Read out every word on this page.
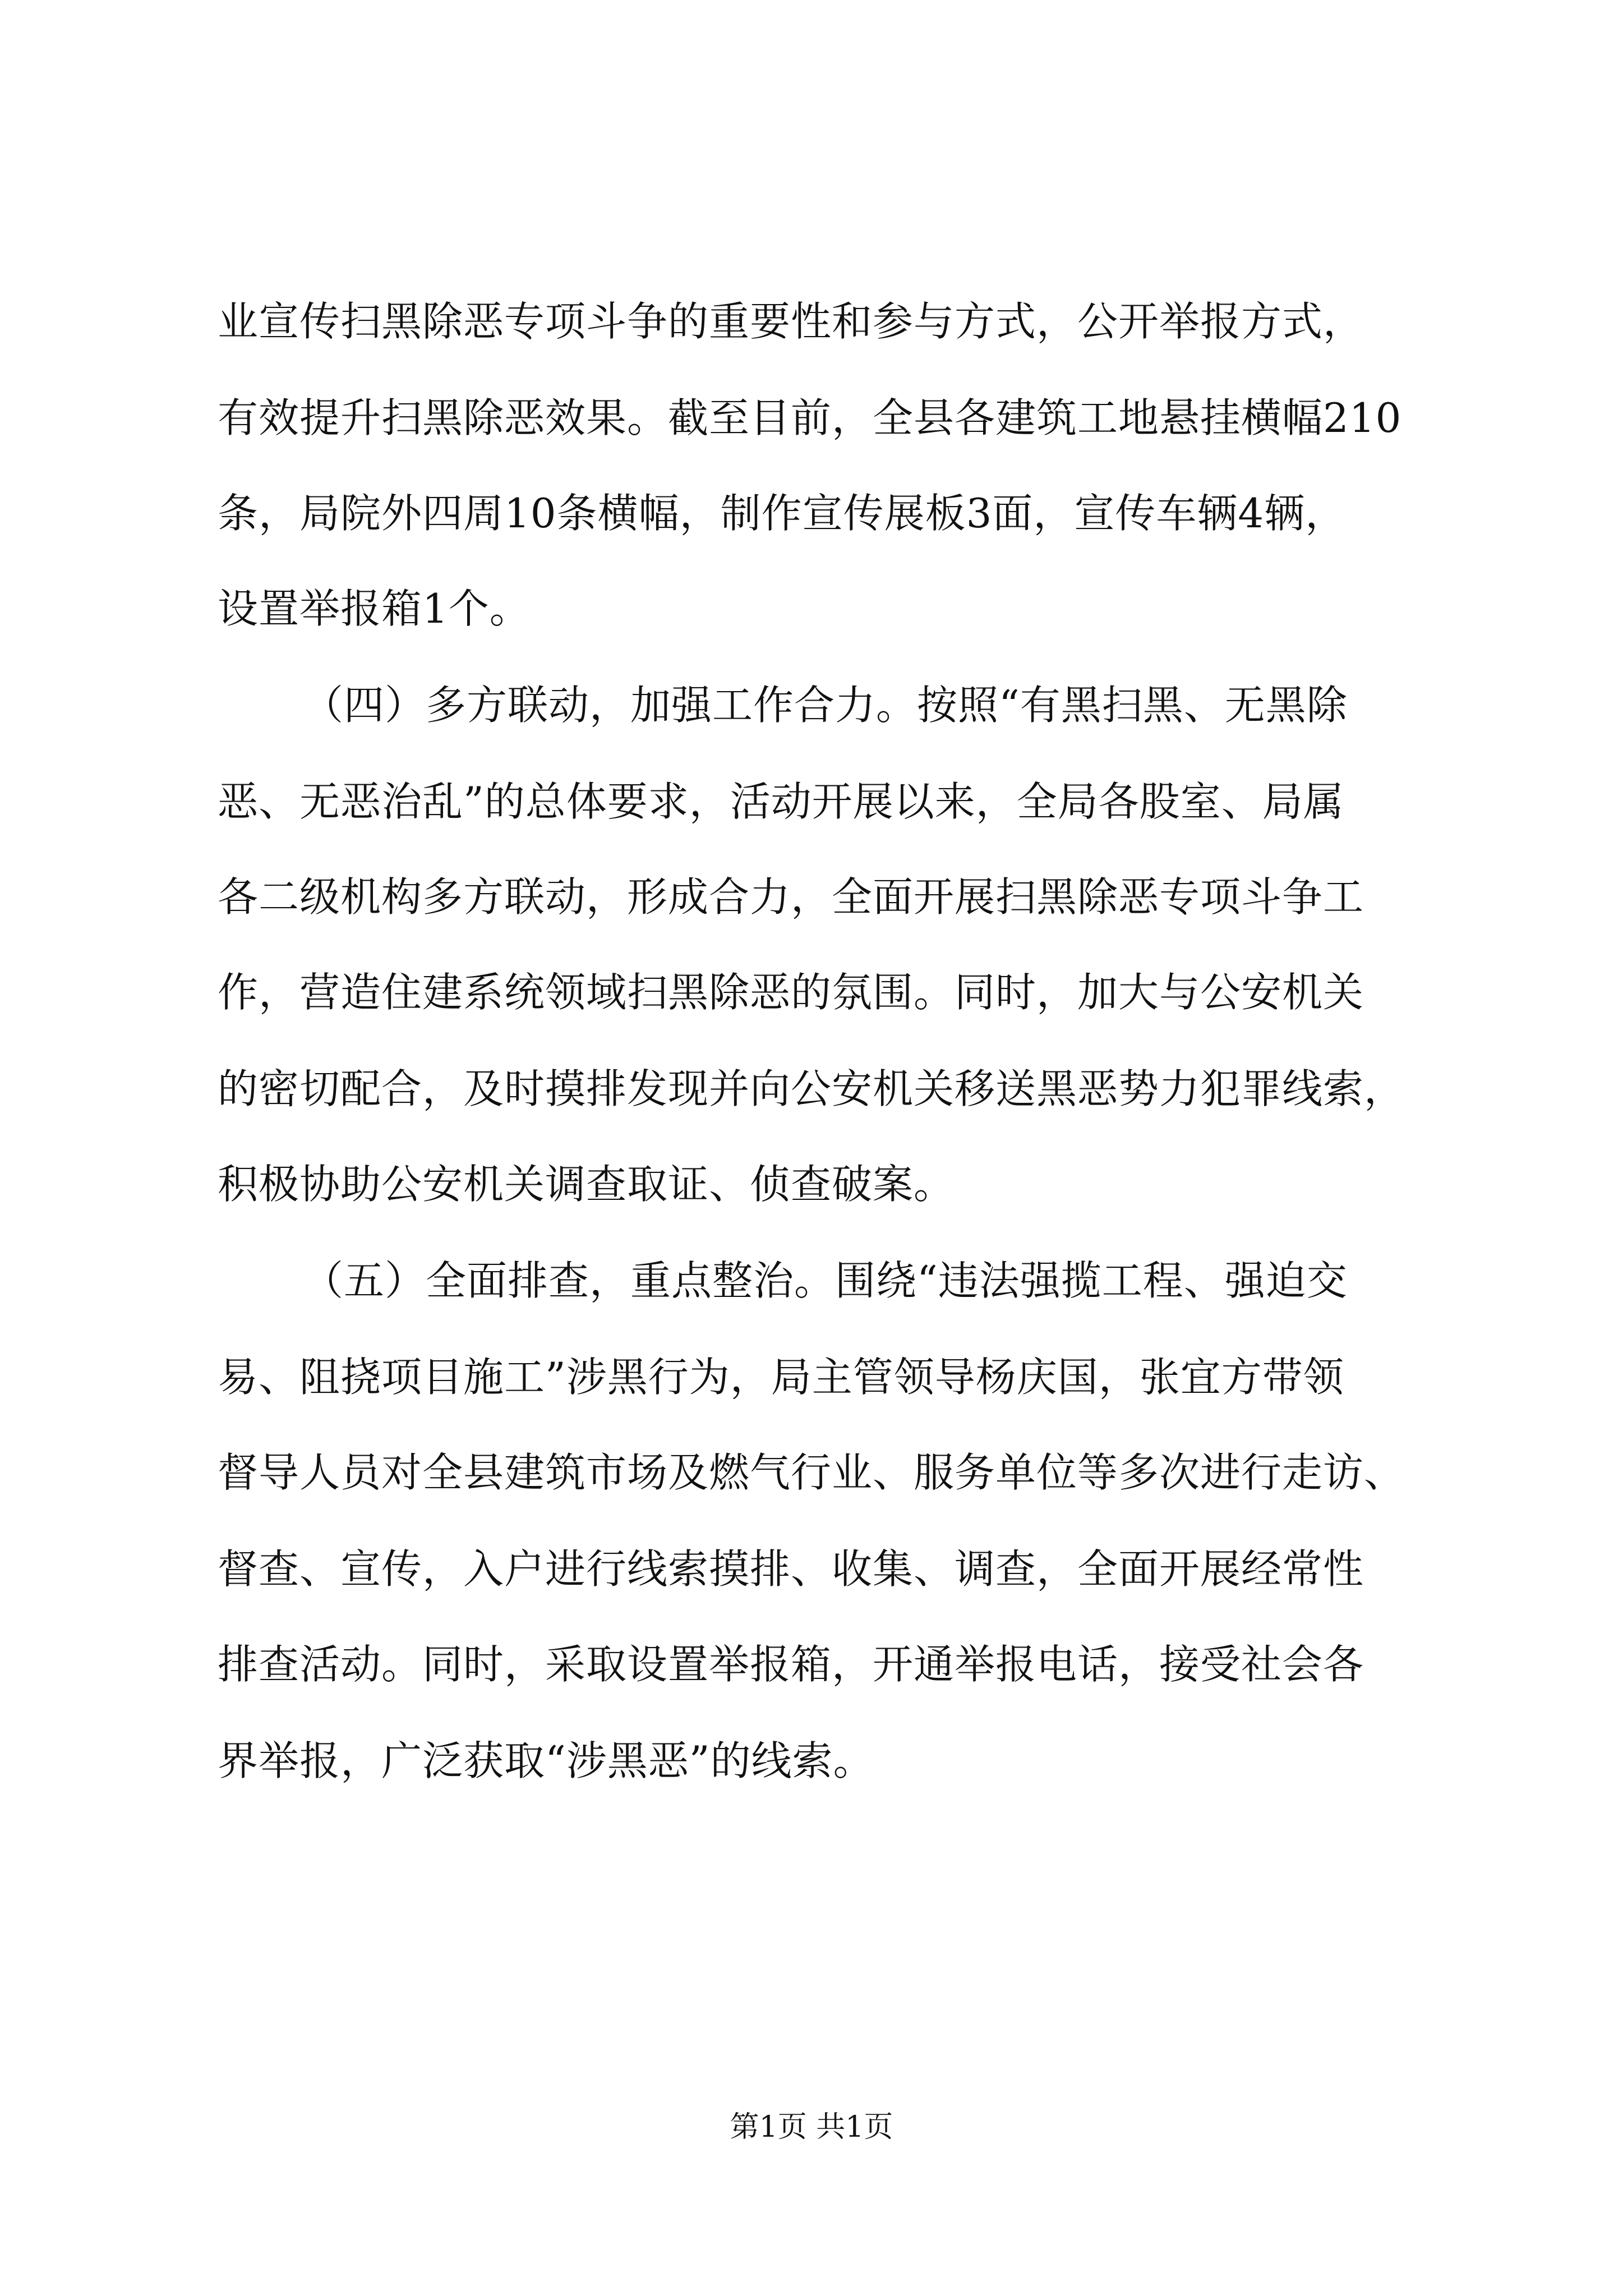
业宣传扫黑除恶专项斗争的重要性和参与方式，公开举报方式，
有效提升扫黑除恶效果。截至目前，全县各建筑工地悬挂横幅210
条，局院外四周10条横幅，制作宣传展板3面，宣传车辆4辆，
设置举报箱1个。
（四）多方联动，加强工作合力。按照“有黑扫黑、无黑除
恶、无恶治乱”的总体要求，活动开展以来，全局各股室、局属
各二级机构多方联动，形成合力，全面开展扫黑除恶专项斗争工
作，营造住建系统领域扫黑除恶的氛围。同时，加大与公安机关
的密切配合，及时摸排发现并向公安机关移送黑恶势力犯罪线索，
积极协助公安机关调查取证、侦查破案。
（五）全面排查，重点整治。围绕“违法强揽工程、强迫交
易、阻挠项目施工”涉黑行为，局主管领导杨庆国，张宜方带领
督导人员对全县建筑市场及燃气行业、服务单位等多次进行走访、
督查、宣传，入户进行线索摸排、收集、调查，全面开展经常性
排查活动。同时，采取设置举报箱，开通举报电话，接受社会各
界举报，广泛获取“涉黑恶”的线索。
第1页 共1页
